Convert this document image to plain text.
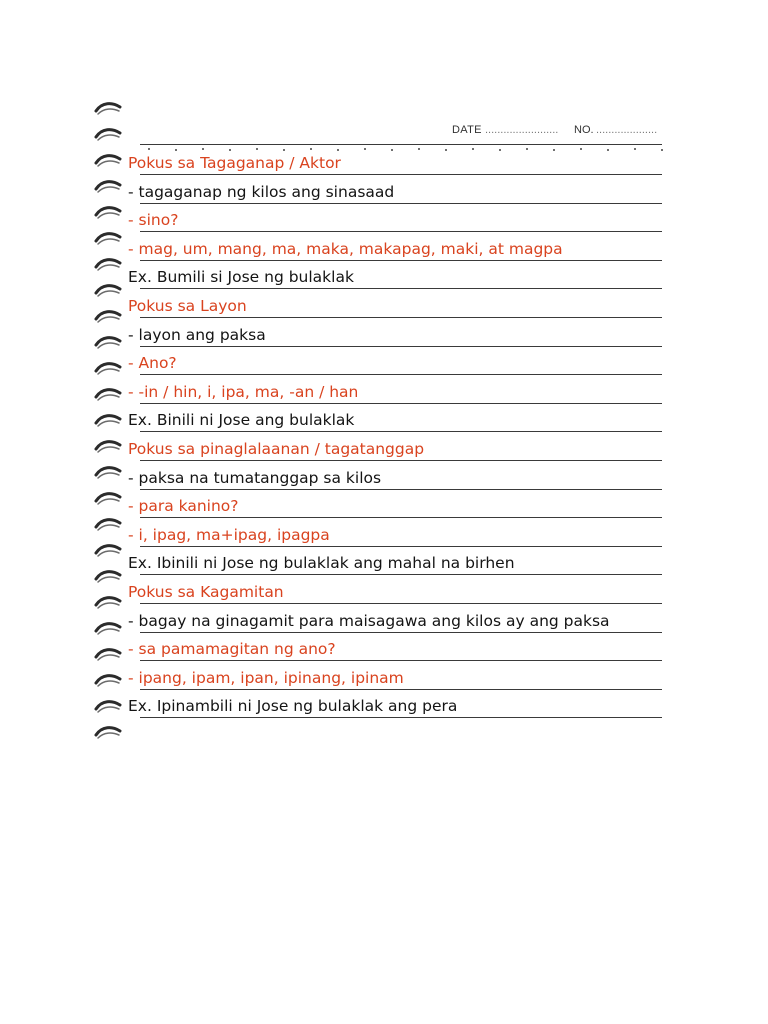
DATE ........................ NO. ....................
Pokus sa Tagaganap / Aktor
- tagaganap ng kilos ang sinasaad
- sino?
- mag, um, mang, ma, maka, makapag, maki, at magpa
Ex. Bumili si Jose ng bulaklak
Pokus sa Layon
- layon ang paksa
- Ano?
- -in / hin, i, ipa, ma, -an / han
Ex. Binili ni Jose ang bulaklak
Pokus sa pinaglalaanan / tagatanggap
- paksa na tumatanggap sa kilos
- para kanino?
- i, ipag, ma+ipag, ipagpa
Ex. Ibinili ni Jose ng bulaklak ang mahal na birhen
Pokus sa Kagamitan
- bagay na ginagamit para maisagawa ang kilos ay ang paksa
- sa pamamagitan ng ano?
- ipang, ipam, ipan, ipinang, ipinam
Ex. Ipinambili ni Jose ng bulaklak ang pera
